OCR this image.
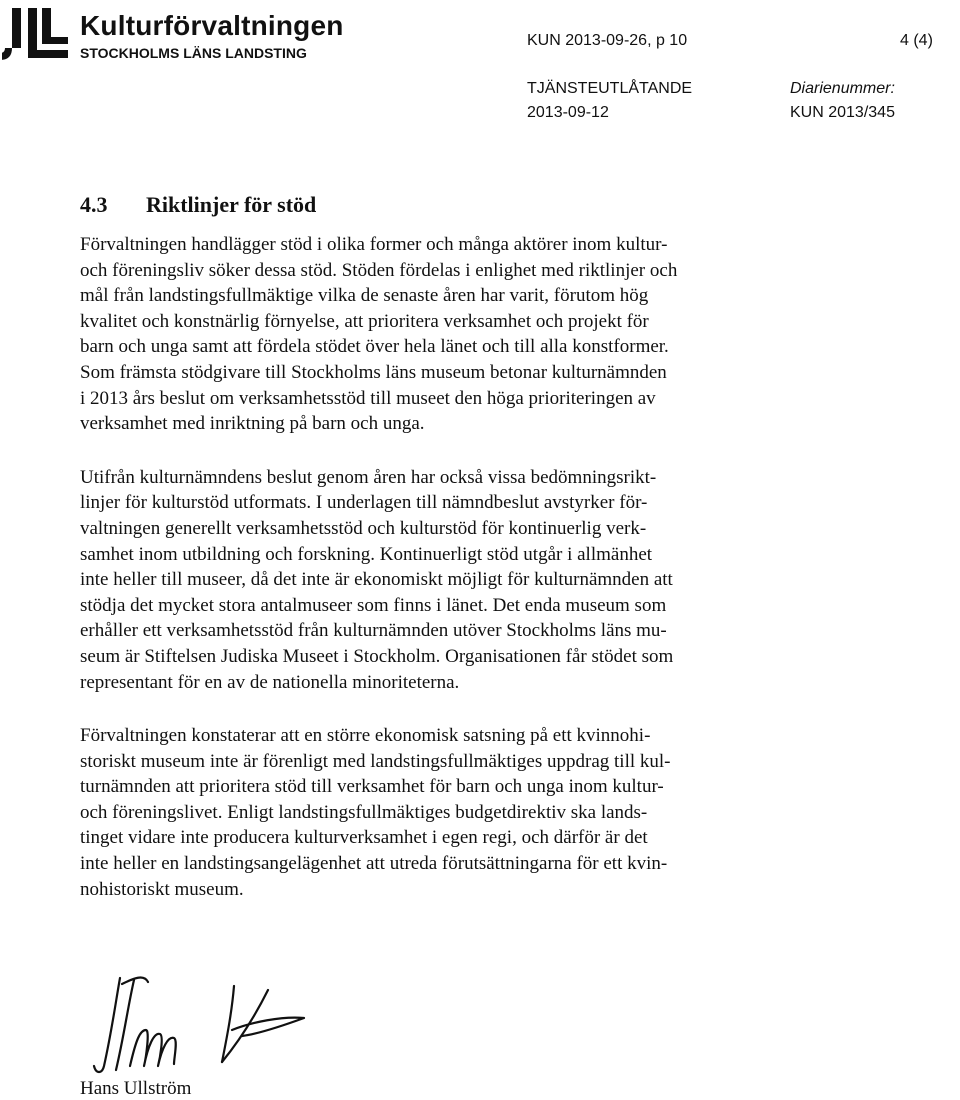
Kulturförvaltningen

STOCKHOLMS LÄNS LANDSTING

KUN 2013-09-26, p 10	4 (4)
TJÄNSTEUTLÅTANDE
2013-09-12
Diarienummer:
KUN 2013/345
4.3 Riktlinjer för stöd

Förvaltningen handlägger stöd i olika former och många aktörer inom kultur-
och föreningsliv söker dessa stöd. Stöden fördelas i enlighet med riktlinjer och
mål från landstingsfullmäktige vilka de senaste åren har varit, förutom hög
kvalitet och konstnärlig förnyelse, att prioritera verksamhet och projekt för
barn och unga samt att fördela stödet över hela länet och till alla konstformer.
Som främsta stödgivare till Stockholms läns museum betonar kulturnämnden
i 2013 års beslut om verksamhetsstöd till museet den höga prioriteringen av
verksamhet med inriktning på barn och unga.

Utifrån kulturnämndens beslut genom åren har också vissa bedömningsrikt-
linjer för kulturstöd utformats. I underlagen till nämndbeslut avstyrker för-
valtningen generellt verksamhetsstöd och kulturstöd för kontinuerlig verk-
samhet inom utbildning och forskning. Kontinuerligt stöd utgår i allmänhet
inte heller till museer, då det inte är ekonomiskt möjligt för kulturnämnden att
stödja det mycket stora antalmuseer som finns i länet. Det enda museum som
erhåller ett verksamhetsstöd från kulturnämnden utöver Stockholms läns mu-
seum är Stiftelsen Judiska Museet i Stockholm. Organisationen får stödet som
representant för en av de nationella minoriteterna.

Förvaltningen konstaterar att en större ekonomisk satsning på ett kvinnohi-
storiskt museum inte är förenligt med landstingsfullmäktiges uppdrag till kul-
turnämnden att prioritera stöd till verksamhet för barn och unga inom kultur-
och föreningslivet. Enligt landstingsfullmäktiges budgetdirektiv ska lands-
tinget vidare inte producera kulturverksamhet i egen regi, och därför är det
inte heller en landstingsangelägenhet att utreda förutsättningarna för ett kvin-
nohistoriskt museum.

Hans Ullström
